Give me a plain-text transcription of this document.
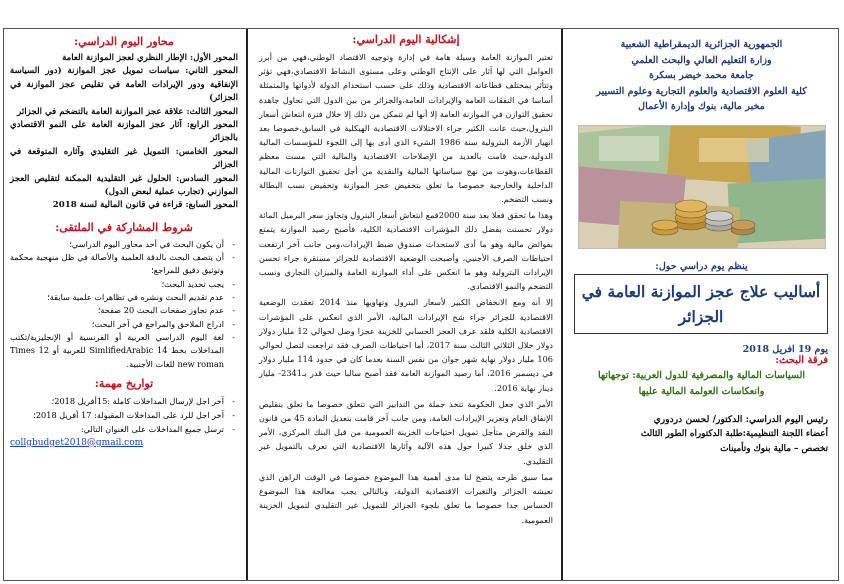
محاور اليوم الدراسي:

المحور الأول: الإطار النظري لعجز الموازنة العامة

المحور الثاني: سياسات تمويل عجز الموازنة (دور السياسة الإنفاقية ودور الإيرادات العامة في تقليص عجز الموازنة في الجزائر)

المحور الثالث: علاقة عجز الموازنة العامة بالتضخم في الجزائر

المحور الرابع: آثار عجز الموازنة العامة على النمو الاقتصادي بالجزائر

المحور الخامس: التمويل غير التقليدي وآثاره المتوقعة في الجزائر

المحور السادس: الحلول غير التقليدية الممكنة لتقليص العجز الموازني (تجارب عملية لبعض الدول)

المحور السابع: قراءة في قانون المالية لسنة 2018

شروط المشاركة في الملتقى:
- أن يكون البحث في أحد محاور اليوم الدراسي؛
- أن يتصف البحث بالدقة العلمية والأصالة في ظل منهجية محكمة وتوثيق دقيق للمراجع؛
- يجب تحديد البحث؛
- عدم تقديم البحث ونشره في تظاهرات علمية سابقة؛
- عدم تجاوز صفحات البحث 20 صفحة؛
- ادراج الملاحق والمراجع في آخر البحث؛
- لغة اليوم الدراسي العربية أو الفرنسية أو الإنجليزية/تكتب المداخلات بخط 14 SimlifiedArabic للعربية أو 12 Times new roman للغات الأجنبية.
تواريخ مهمة:
- آخر اجل لإرسال المداخلات كاملة :15أفريل 2018؛
- آخر اجل للرد على المداخلات المقبولة: 17 أفريل 2018؛
- ترسل جميع المداخلات على العنوان التالي:
collgbudget2018@gmail.com
إشكالية اليوم الدراسي:

تعتبر الموازنة العامة وسيلة هامة في إدارة وتوجيه الاقتصاد الوطني،فهي من أبرز العوامل التي لها آثار على الإنتاج الوطني وعلى مستوى النشاط الاقتصادي،فهي تؤثر وتتأثر بمختلف قطاعاته الاقتصادية وذلك على حسب استخدام الدولة لأدواتها والمتمثلة أساسا في النفقات العامة والإيرادات العامة،والجزائر من بين الدول التي تحاول جاهدة تحقيق التوازن في الموازنة العامة إلا أنها لم تتمكن من ذلك إلا خلال فترة انتعاش أسعار البترول،حيث عانت الكثير جراء الاختلالات الاقتصادية الهيكلية في السابق،خصوصا بعد انهيار الأزمة البترولية سنة 1986 الشيء الذي أدى بها إلى اللجوء للمؤسسات المالية الدولية،حيث قامت بالعديد من الإصلاحات الاقتصادية والمالية التي مست معظم القطاعات،وهوت من نهج سياساتها المالية والنقدية من أجل تحقيق التوازنات المالية الداخلية والخارجية خصوصا ما تعلق بتخفيض عجز الموازنة وتخفيض نسب البطالة ونسب التضخم.

وهذا ما تحقق فعلا بعد سنة 2000فمع انتعاش أسعار البترول وتجاوز سعر البرميل المائة دولار تحسنت بفضل ذلك المؤشرات الاقتصادية الكلية، فأصبح رصيد الموازنة يتمتع بفوائض مالية وهو ما أدى لاستحداث صندوق ضبط الإيرادات،ومن جانب آخر ارتفعت احتياطات الصرف الأجنبي، وأصبحت الوضعية الاقتصادية للجزائر مستقرة جراء تحسن الإيرادات البترولية وهو ما انعكس على أداء الموازنة العامة والميزان التجاري ونسب التضخم والنمو الاقتصادي.

إلا أنه ومع الانخفاض الكبير لأسعار البترول وتهاويها منذ 2014 تعقدت الوضعية الاقتصادية للجزائر جراء شح الإيرادات المالية، الأمر الذي انعكس على المؤشرات الاقتصادية الكلية فلقد عرف العجز الحسابي للخزينة عجزا وصل لحوالي 12 مليار دولار دولار خلال الثلاثي الثالث سنة 2017، أما احتياطات الصرف فقد تراجعت لتصل لحوالي 106 مليار دولار نهاية شهر جوان من نفس السنة بعدما كان في حدود 114 مليار دولار في ديسمبر 2016، أما رصيد الموازنة العامة فقد أصبح سالبا حيث قدر بـ2341- مليار دينار نهاية 2016.

الأمر الذي جعل الحكومة تتخذ جملة من التدابير التي تتعلق خصوصا ما تعلق بتقليص الإنفاق العام وتعزيز الإيرادات العامة، ومن جانب آخر قامت بتعديل المادة 45 من قانون النقد والقرض متأجل تمويل احتياجات الخزينة العمومية من قبل البنك المركزي، الأمر الذي خلق جدلا كبيرا حول هذه الآلية وآثارها الاقتصادية التي تعرف بالتمويل غير التقليدي.

مما سبق طرحه يتضح لنا مدى أهمية هذا الموضوع خصوصا في الوقت الراهن الذي تعيشه الجزائر والتغيرات الاقتصادية الدولية، وبالتالي يجب معالجة هذا الموضوع الحساس جدا خصوصا ما تعلق بلجوء الجزائر للتمويل غير التقليدي لتمويل الخزينة العمومية.

الجمهورية الجزائرية الديمقراطية الشعبية

وزارة التعليم العالي والبحث العلمي

جامعة محمد خيضر بسكرة

كلية العلوم الاقتصادية والعلوم التجارية وعلوم التسيير

مخبر مالية، بنوك وإدارة الأعمال

ينظم يوم دراسي حول:

أساليب علاج عجز الموازنة العامة في الجزائر

يوم 19 افريل 2018

فرقة البحث:

السياسات المالية والمصرفية للدول العربية: توجهاتها وانعكاسات العولمة المالية عليها

رئيس اليوم الدراسي: الدكتور/ لحسن دردوري

أعضاء اللجنة التنظيمية:طلبة الدكتوراه الطور الثالث

تخصص – مالية بنوك وتأمينات
